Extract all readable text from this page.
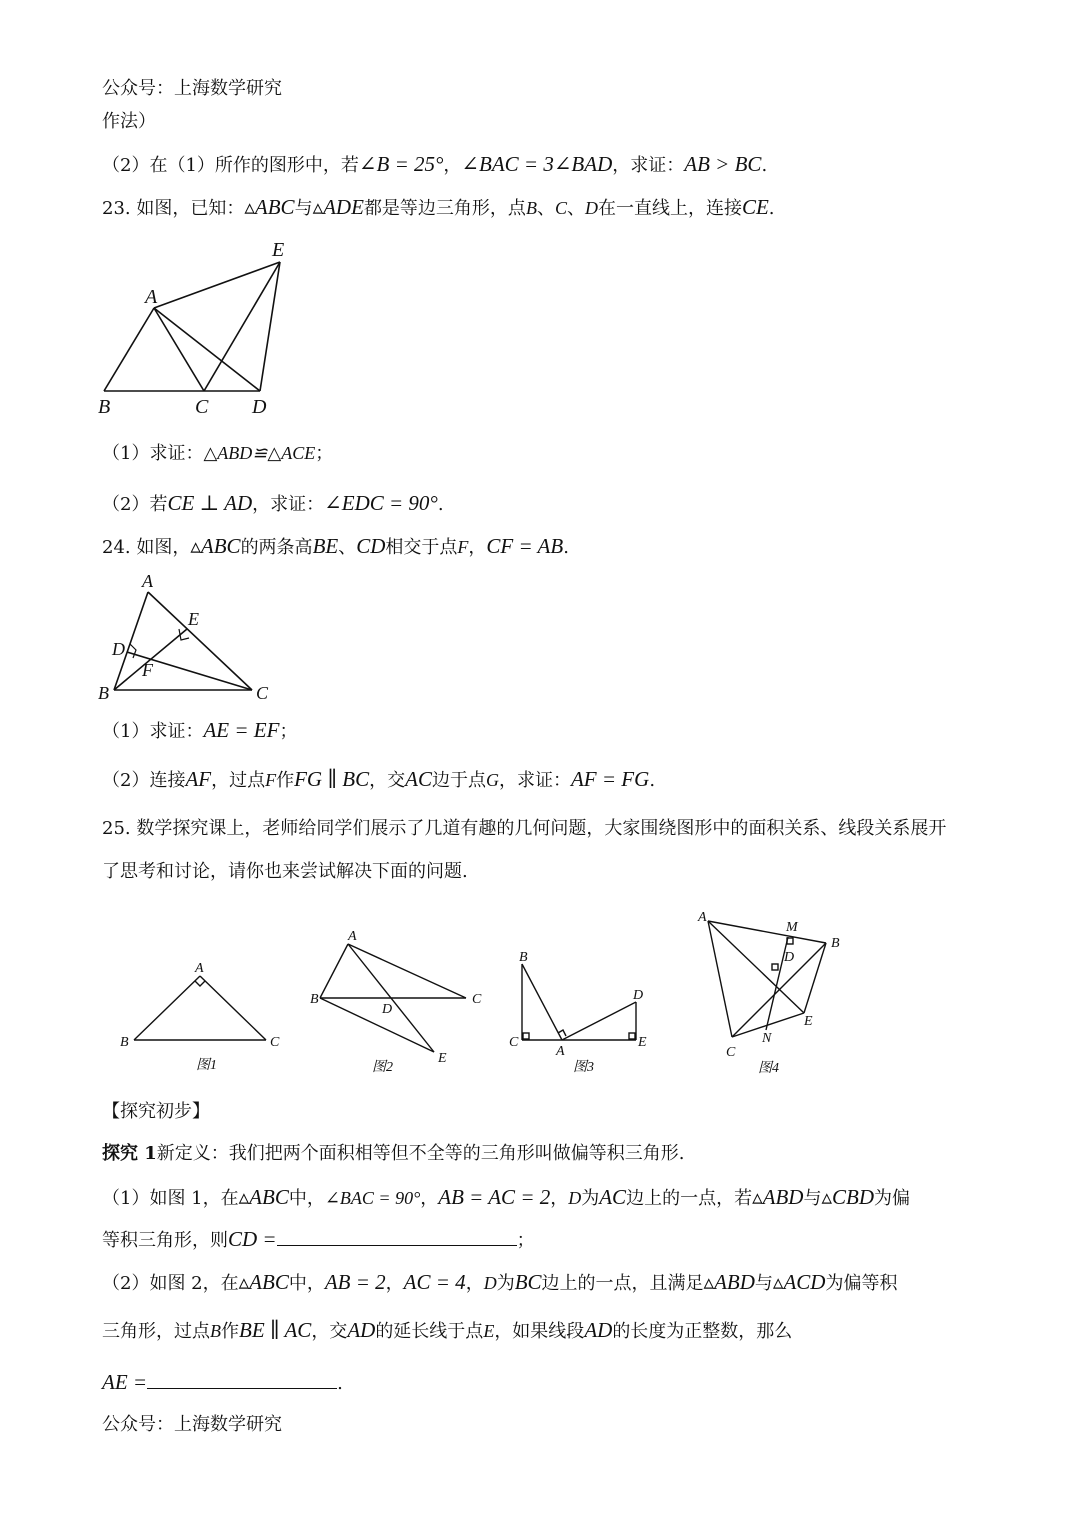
公众号：上海数学研究
作法）
（2）在（1）所作的图形中，若∠B = 25°，∠BAC = 3∠BAD，求证：AB > BC.
23. 如图，已知：▵ABC与▵ADE都是等边三角形，点B、C、D在一直线上，连接CE.
E
A
B	C D
（1）求证：△ABD≌△ACE；
（2）若CE ⊥ AD，求证：∠EDC = 90°.
24. 如图，▵ABC的两条高BE、CD相交于点F，CF = AB.
A
E
D
F
B	C
（1）求证：AE = EF；
（2）连接AF，过点F作FG ∥ BC，交AC边于点G，求证：AF = FG.
25. 数学探究课上，老师给同学们展示了几道有趣的几何问题，大家围绕图形中的面积关系、线段关系展开
了思考和讨论，请你也来尝试解决下面的问题.
A
B	C
图1
A
B	C
D
E
图2
B
D
C
A
E
图3
A
M
B
D
E
N
C
图4
【探究初步】
探究 1新定义：我们把两个面积相等但不全等的三角形叫做偏等积三角形.
（1）如图 1，在▵ABC中，∠BAC = 90°，AB = AC = 2，D为AC边上的一点，若▵ABD与▵CBD为偏
等积三角形，则CD =	；
（2）如图 2，在▵ABC中，AB = 2，AC = 4，D为BC边上的一点，且满足▵ABD与▵ACD为偏等积
三角形，过点B作BE ∥ AC，交AD的延长线于点E，如果线段AD的长度为正整数，那么
AE =	.
公众号：上海数学研究
